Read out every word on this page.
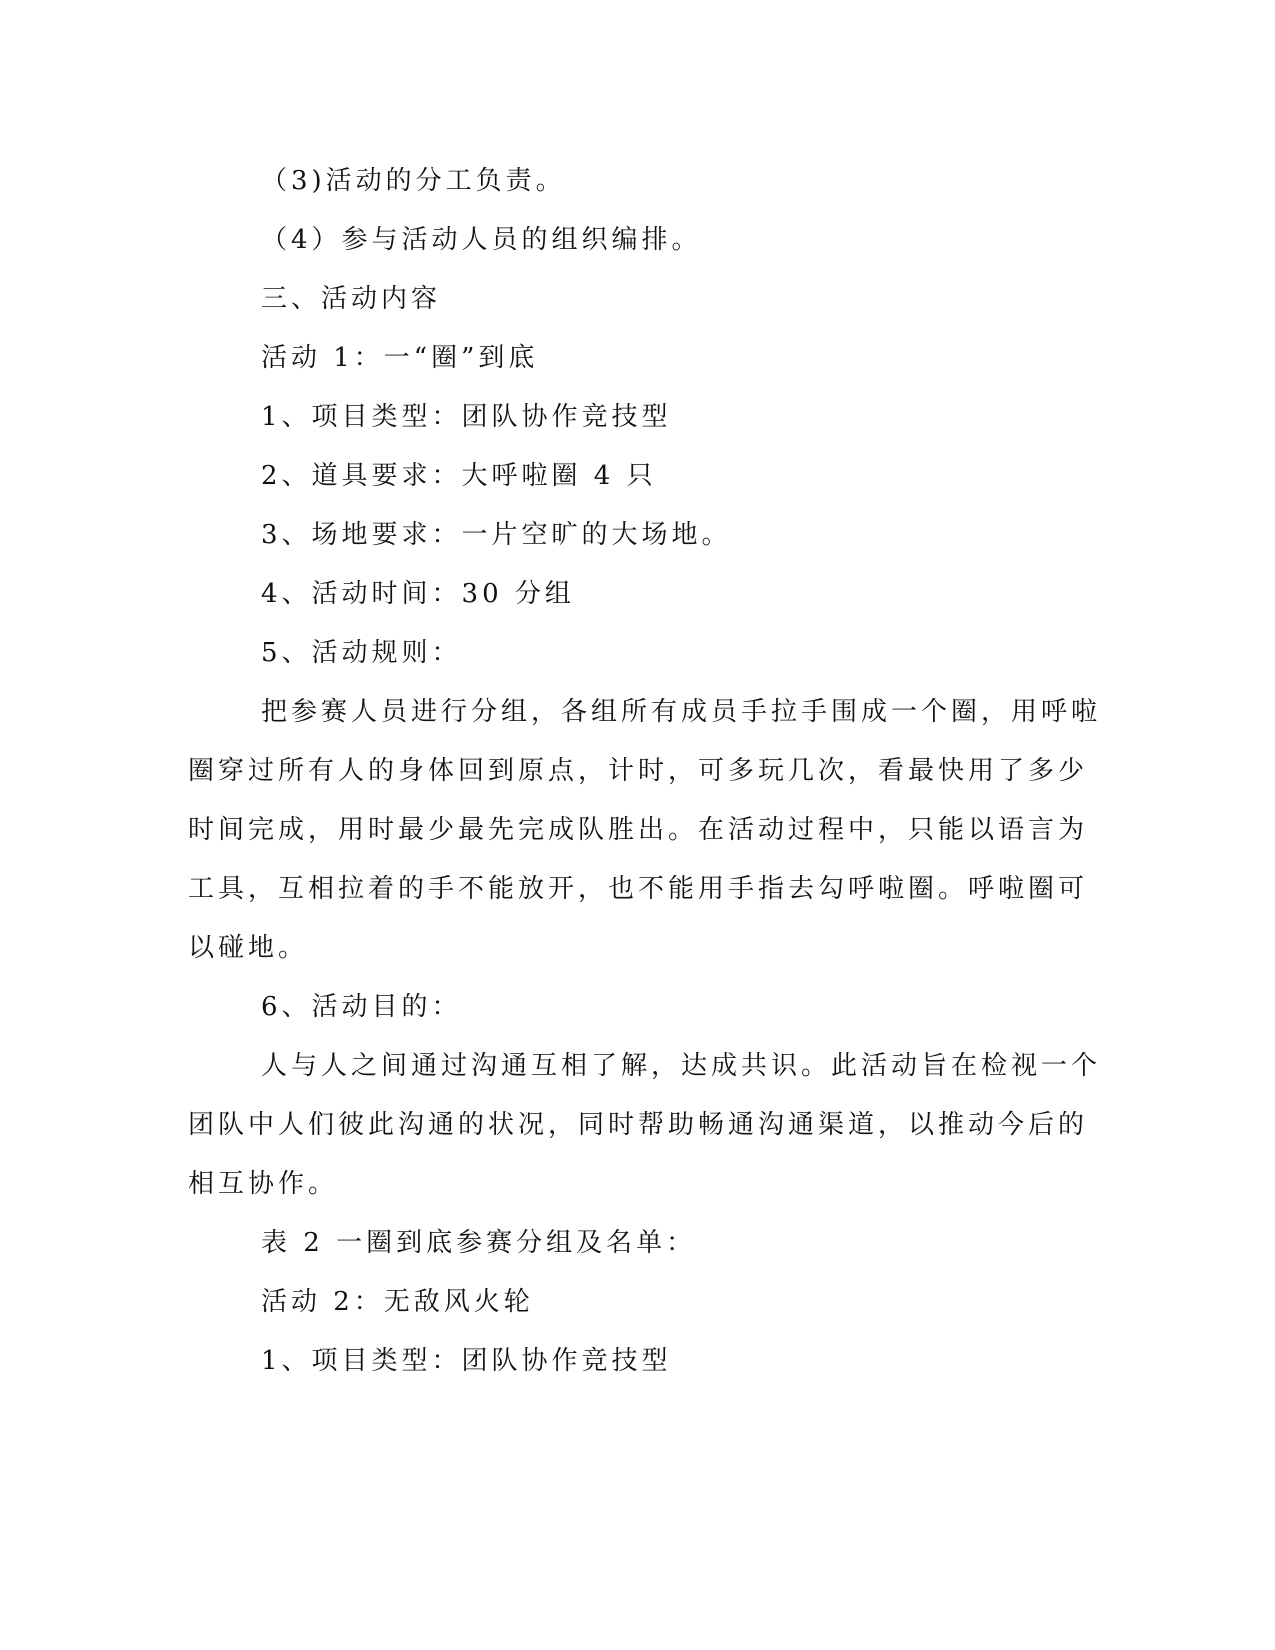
（3)活动的分工负责。
（4）参与活动人员的组织编排。
三、活动内容
活动 1：一“圈”到底
1、项目类型：团队协作竞技型
2、道具要求：大呼啦圈 4 只
3、场地要求：一片空旷的大场地。
4、活动时间：30 分组
5、活动规则：
把参赛人员进行分组，各组所有成员手拉手围成一个圈，用呼啦
圈穿过所有人的身体回到原点，计时，可多玩几次，看最快用了多少
时间完成，用时最少最先完成队胜出。在活动过程中，只能以语言为
工具，互相拉着的手不能放开，也不能用手指去勾呼啦圈。呼啦圈可
以碰地。
6、活动目的：
人与人之间通过沟通互相了解，达成共识。此活动旨在检视一个
团队中人们彼此沟通的状况，同时帮助畅通沟通渠道，以推动今后的
相互协作。
表 2 一圈到底参赛分组及名单：
活动 2：无敌风火轮
1、项目类型：团队协作竞技型
